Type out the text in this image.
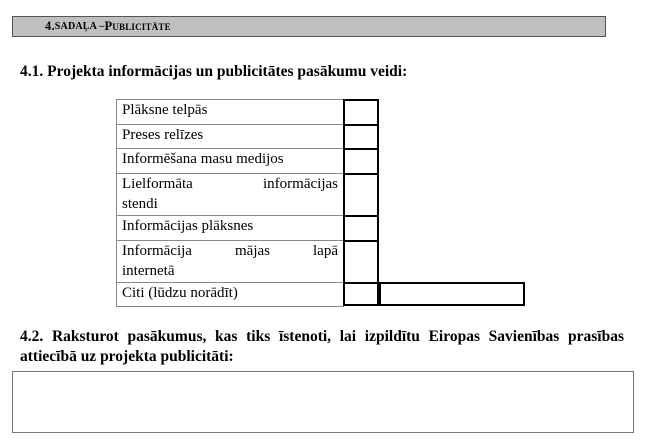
4. SADAĻA – Publicitāte
4.1. Projekta informācijas un publicitātes pasākumu veidi:
Plāksne telpās
Preses relīzes
Informēšana masu medijos

Lielformāta informācijas
stendi

Informācijas plāksnes

Informācija mājas lapā
internetā

Citi (lūdzu norādīt)
4.2. Raksturot pasākumus, kas tiks īstenoti, lai izpildītu Eiropas Savienības prasības attiecībā uz projekta publicitāti:
